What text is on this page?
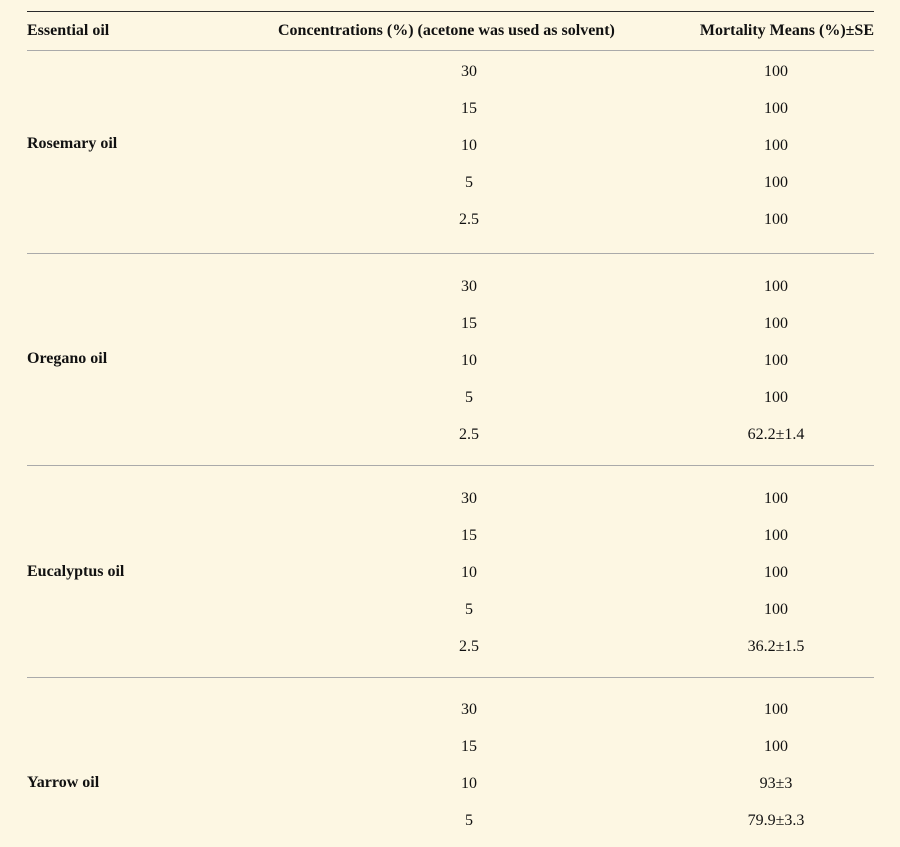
Essential oil	Concentrations (%) (acetone was used as solvent)	Mortality Means (%)±SE
Rosemary oil
30	100
15	100
10	100
5	100
2.5	100
Oregano oil
30	100
15	100
10	100
5	100
2.5	62.2±1.4
Eucalyptus oil
30	100
15	100
10	100
5	100
2.5	36.2±1.5
Yarrow oil
30	100
15	100
10	93±3
5	79.9±3.3
